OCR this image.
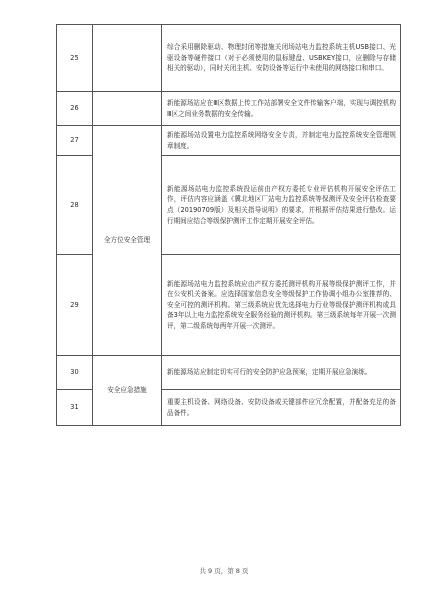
25		综合采用删除驱动、物理封闭等措施关闭场站电力监控系统主机USB接口、光驱设备等硬件接口（对于必须使用的鼠标键盘、USBKEY接口，应删除与存储相关的驱动），同时关闭主机、安防设备等运行中未使用的网络接口和串口。
26		新能源场站应在Ⅲ区数据上传工作站部署安全文件传输客户端，实现与调控机构Ⅲ区之间业务数据的安全传输。
27	全方位安全管理	新能源场站设置电力监控系统网络安全专责，并制定电力监控系统安全管理规章制度。
28		新能源场站电力监控系统投运前由产权方委托专业评估机构开展安全评估工作，评估内容应涵盖《冀北地区厂站电力监控系统等保测评及安全评估检查要点（20190709版）及相关指导说明》的要求，并根据评估结果进行整改。运行期间应结合等级保护测评工作定期开展安全评估。
29		新能源场站电力监控系统应由产权方委托测评机构开展等级保护测评工作，并在公安机关备案。应选择国家信息安全等级保护工作协调小组办公室推荐的、安全可控的测评机构。第三级系统应优先选择电力行业等级保护测评机构或具备3年以上电力监控系统安全服务经验的测评机构。第三级系统每年开展一次测评，第二级系统每两年开展一次测评。
30	安全应急措施	新能源场站应制定切实可行的安全防护应急预案，定期开展应急演练。
31		重要主机设备、网络设备、安防设备或关键部件应冗余配置，并配备充足的备品备件。
共 9 页，第 8 页
